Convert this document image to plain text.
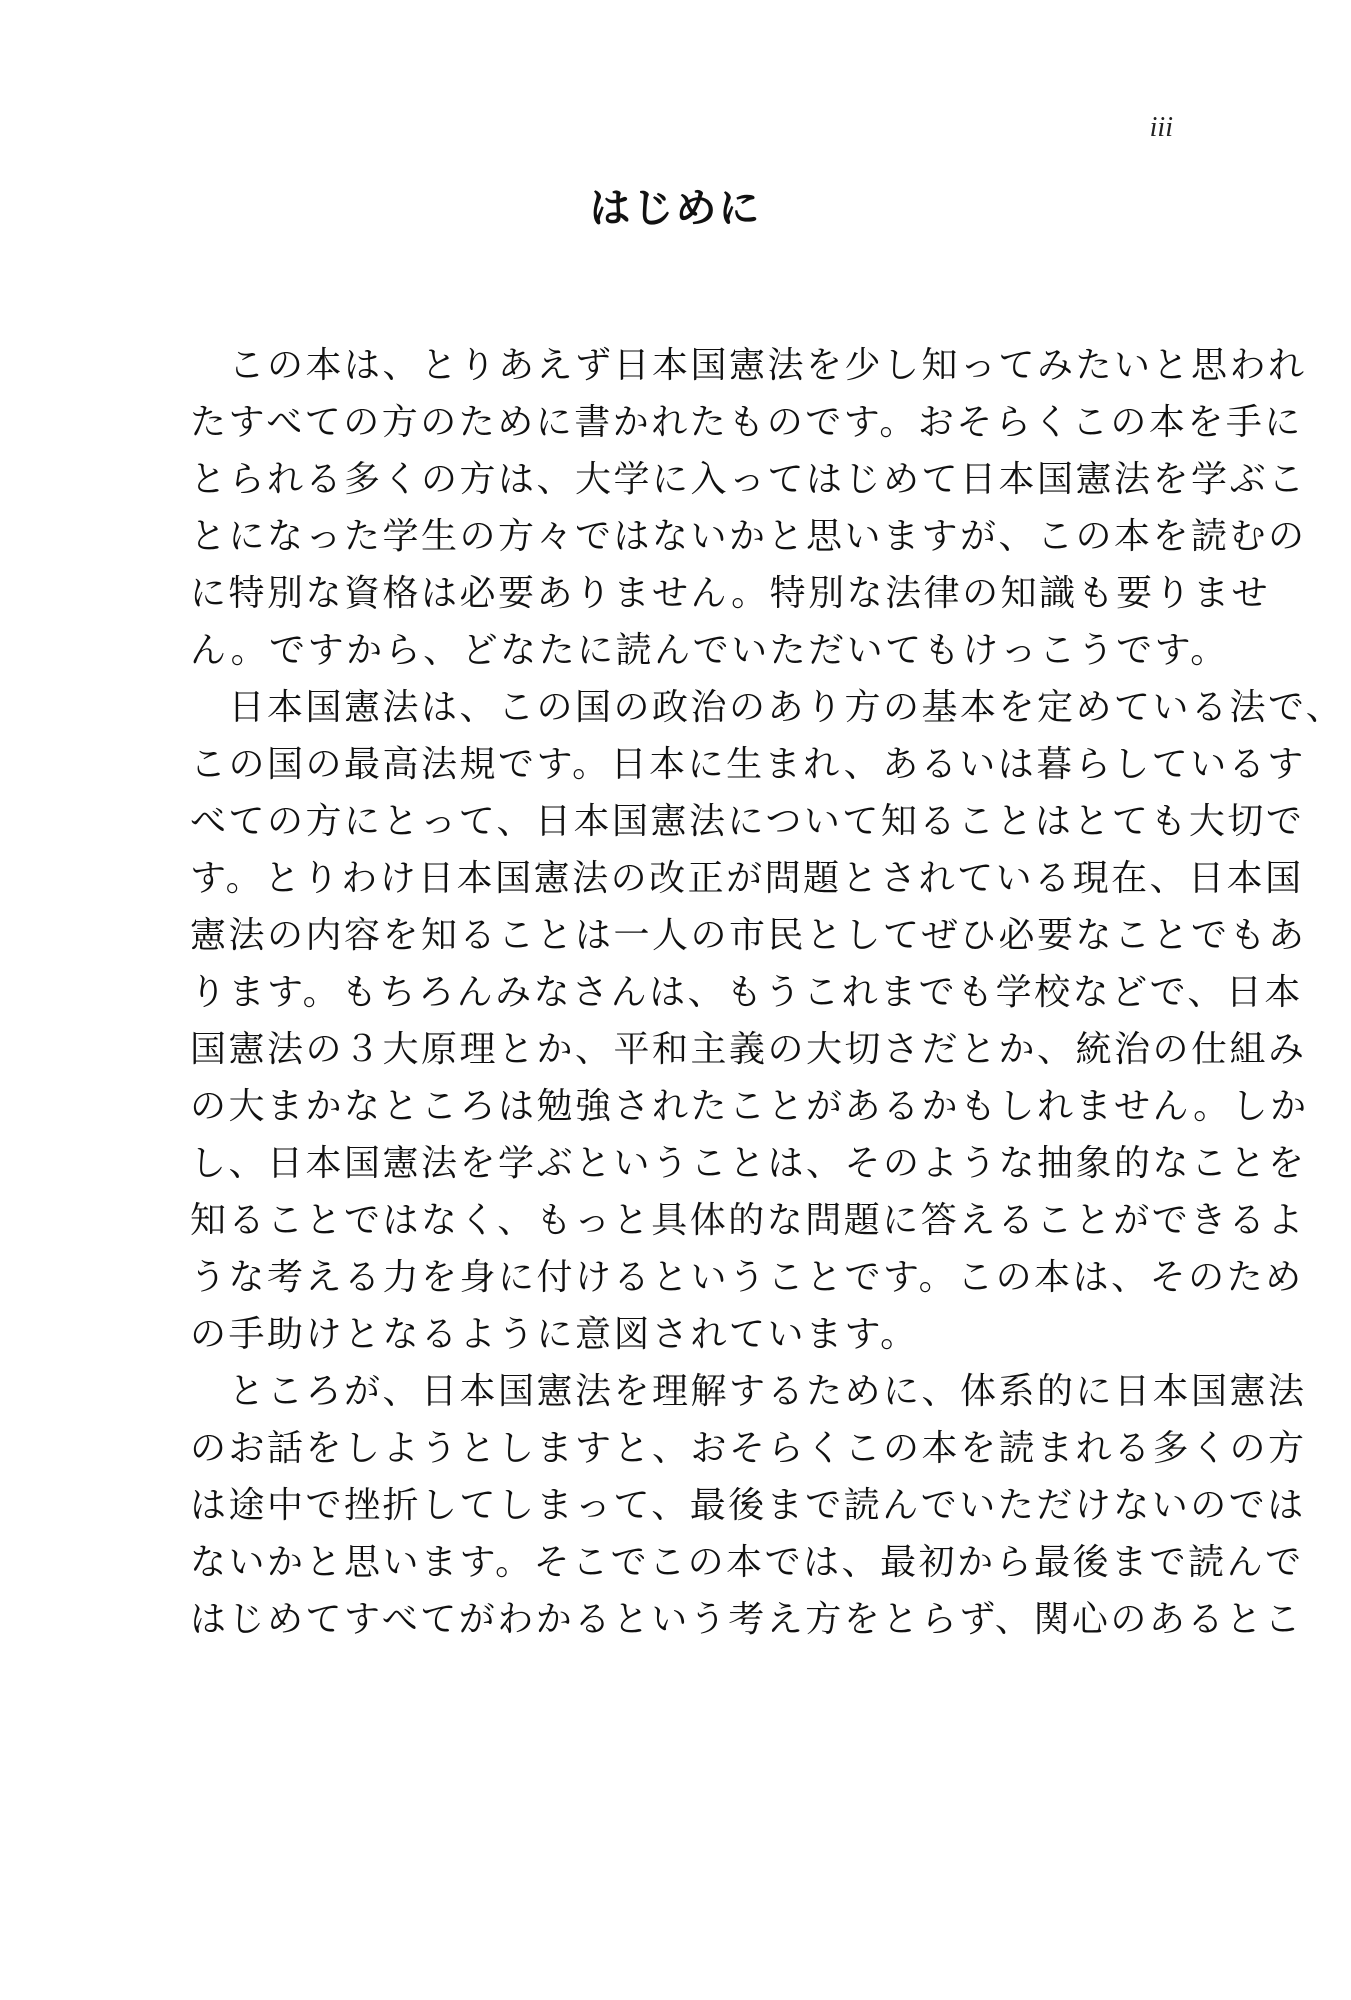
iii
はじめに
　この本は、とりあえず日本国憲法を少し知ってみたいと思われ
たすべての方のために書かれたものです。おそらくこの本を手に
とられる多くの方は、大学に入ってはじめて日本国憲法を学ぶこ
とになった学生の方々ではないかと思いますが、この本を読むの
に特別な資格は必要ありません。特別な法律の知識も要りませ
ん。ですから、どなたに読んでいただいてもけっこうです。
　日本国憲法は、この国の政治のあり方の基本を定めている法で、
この国の最高法規です。日本に生まれ、あるいは暮らしているす
べての方にとって、日本国憲法について知ることはとても大切で
す。とりわけ日本国憲法の改正が問題とされている現在、日本国
憲法の内容を知ることは一人の市民としてぜひ必要なことでもあ
ります。もちろんみなさんは、もうこれまでも学校などで、日本
国憲法の３大原理とか、平和主義の大切さだとか、統治の仕組み
の大まかなところは勉強されたことがあるかもしれません。しか
し、日本国憲法を学ぶということは、そのような抽象的なことを
知ることではなく、もっと具体的な問題に答えることができるよ
うな考える力を身に付けるということです。この本は、そのため
の手助けとなるように意図されています。
　ところが、日本国憲法を理解するために、体系的に日本国憲法
のお話をしようとしますと、おそらくこの本を読まれる多くの方
は途中で挫折してしまって、最後まで読んでいただけないのでは
ないかと思います。そこでこの本では、最初から最後まで読んで
はじめてすべてがわかるという考え方をとらず、関心のあるとこ
